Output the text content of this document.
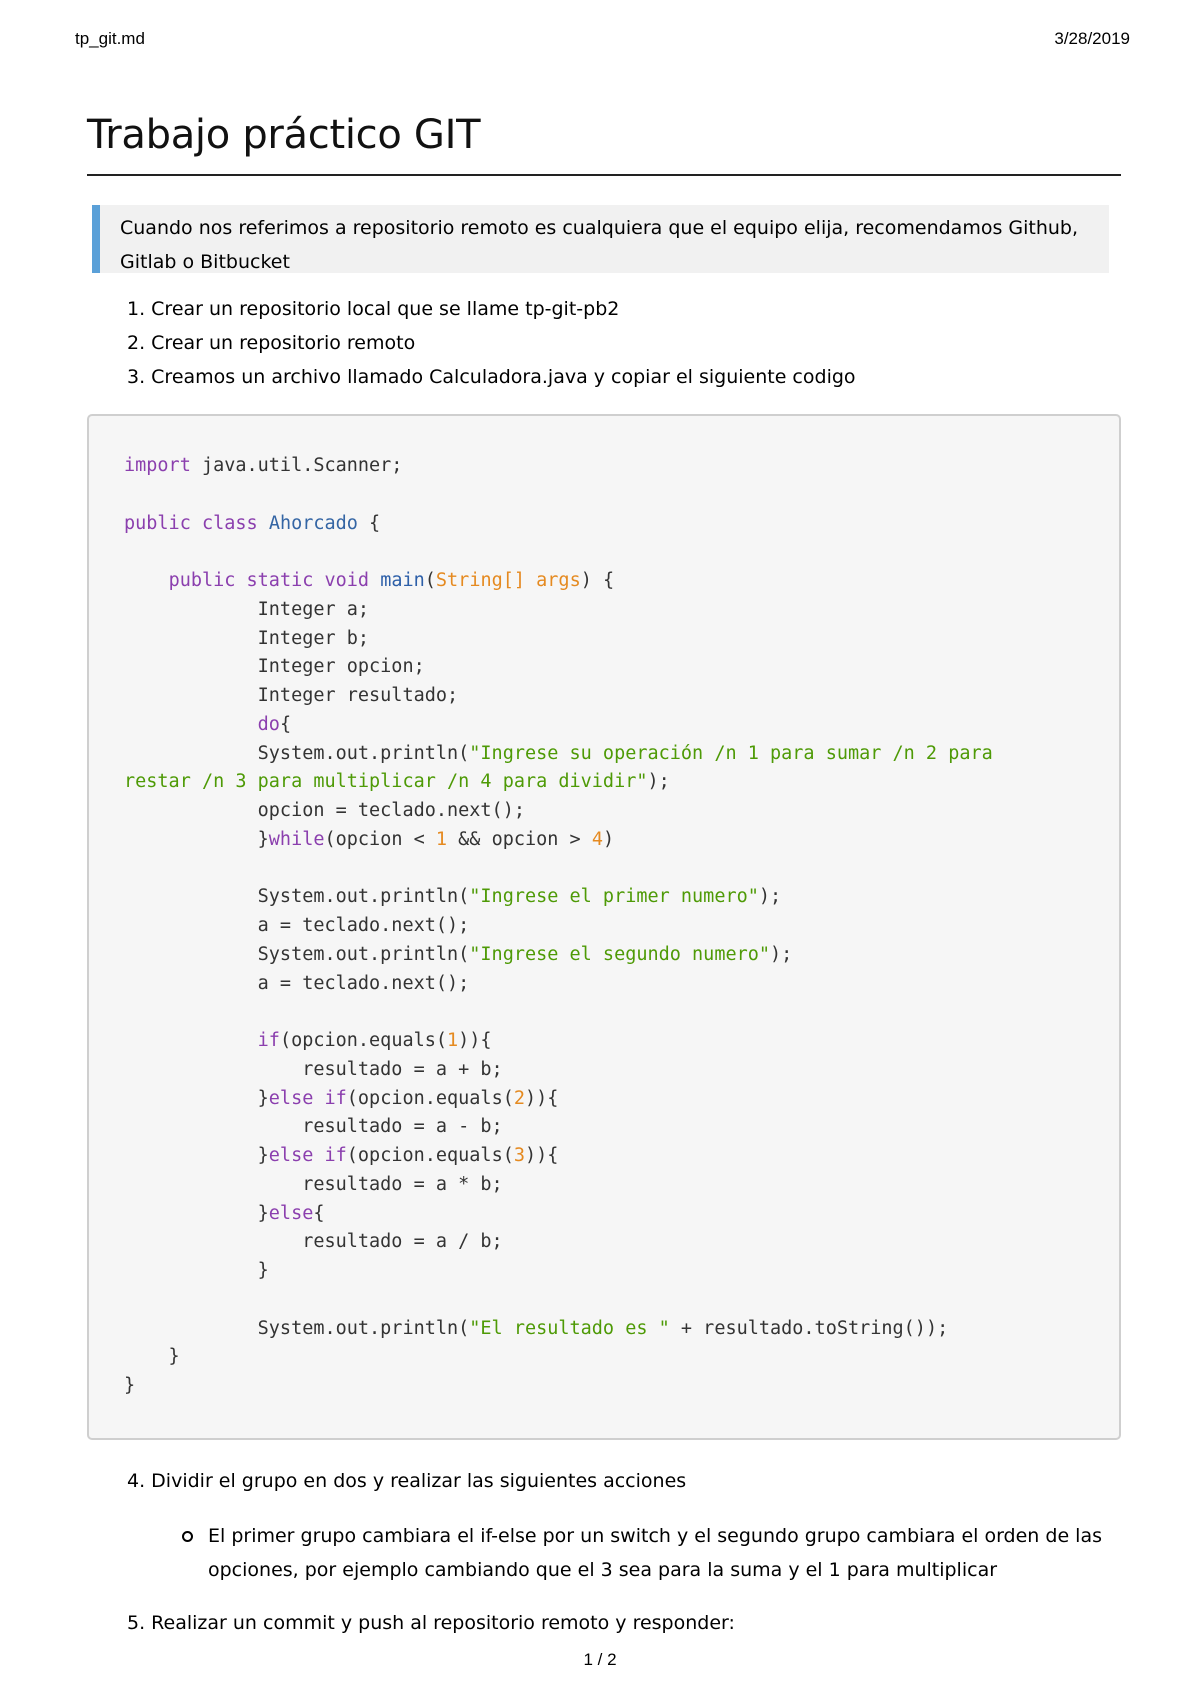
tp_git.md	3/28/2019
Trabajo práctico GIT
Cuando nos referimos a repositorio remoto es cualquiera que el equipo elija, recomendamos Github, Gitlab o Bitbucket
1. Crear un repositorio local que se llame tp-git-pb2
2. Crear un repositorio remoto
3. Creamos un archivo llamado Calculadora.java y copiar el siguiente codigo
import java.util.Scanner;

public class Ahorcado {

public static void main(String[] args) {
Integer a;
Integer b;
Integer opcion;
Integer resultado;
do{
System.out.println("Ingrese su operación /n 1 para sumar /n 2 para
restar /n 3 para multiplicar /n 4 para dividir");
opcion = teclado.next();
}while(opcion < 1 && opcion > 4)

System.out.println("Ingrese el primer numero");
a = teclado.next();
System.out.println("Ingrese el segundo numero");
a = teclado.next();

if(opcion.equals(1)){
resultado = a + b;
}else if(opcion.equals(2)){
resultado = a - b;
}else if(opcion.equals(3)){
resultado = a * b;
}else{
resultado = a / b;
}

System.out.println("El resultado es " + resultado.toString());
}
}
4. Dividir el grupo en dos y realizar las siguientes acciones
El primer grupo cambiara el if-else por un switch y el segundo grupo cambiara el orden de las opciones, por ejemplo cambiando que el 3 sea para la suma y el 1 para multiplicar
5. Realizar un commit y push al repositorio remoto y responder:
1 / 2
